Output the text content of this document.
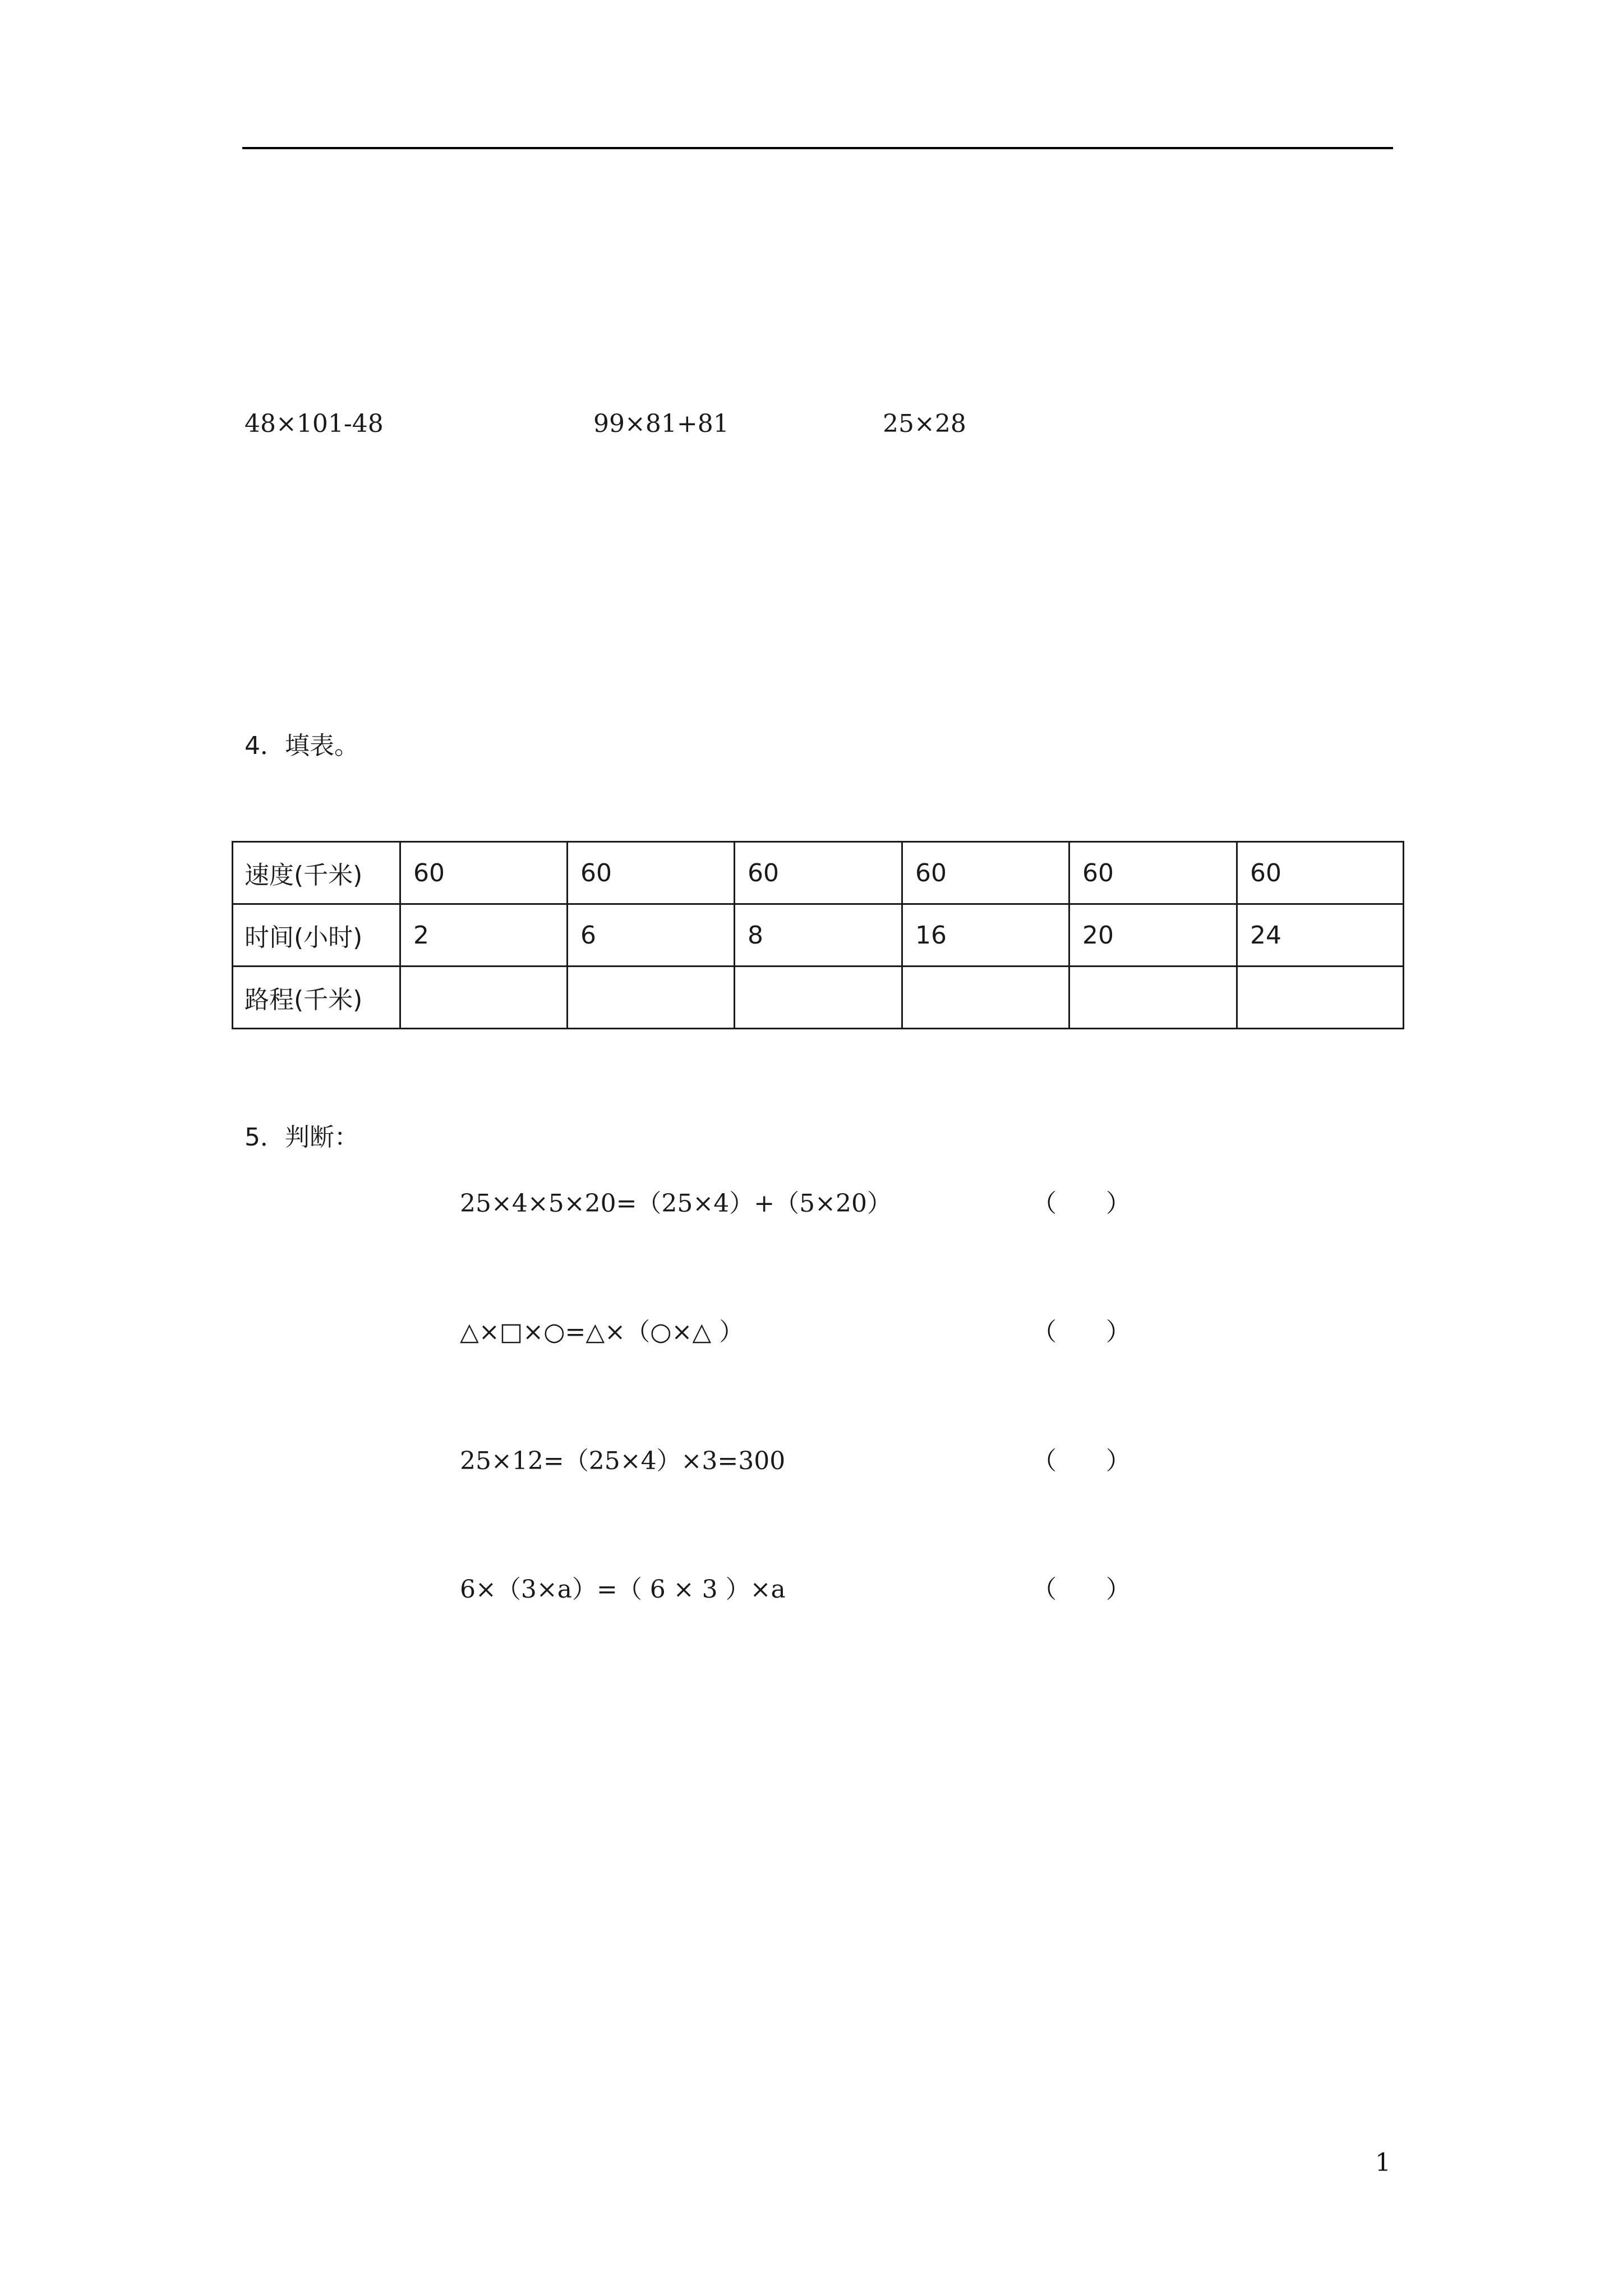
48×101-48	99×81+81	25×28
4．填表。
速度(千米)	60	60	60	60	60	60
时间(小时)	2	6	8	16	20	24
路程(千米)						
5．判断：
25×4×5×20=（25×4）+（5×20）	（　　）
△×□×○=△×（○×△ ）	（　　）
25×12=（25×4）×3=300	（　　）
6×（3×a）=（ 6 × 3 ）×a	（　　）
1
